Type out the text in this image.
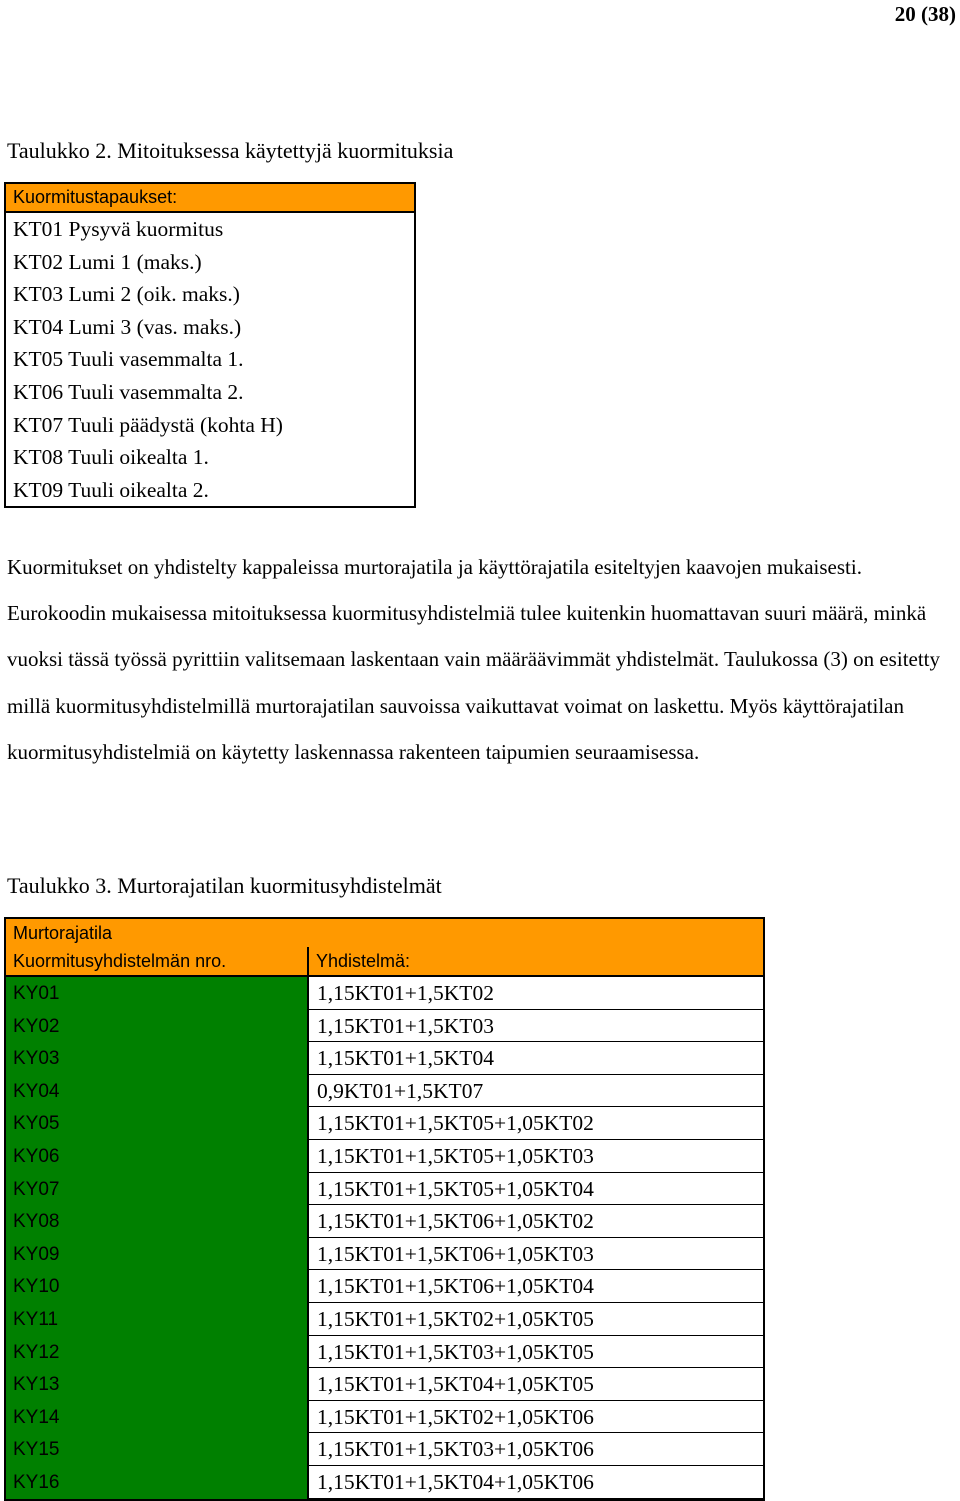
20 (38)
Taulukko 2. Mitoituksessa käytettyjä kuormituksia
Kuormitustapaukset:
KT01 Pysyvä kuormitus
KT02 Lumi 1 (maks.)
KT03 Lumi 2 (oik. maks.)
KT04 Lumi 3 (vas. maks.)
KT05 Tuuli vasemmalta 1.
KT06 Tuuli vasemmalta 2.
KT07 Tuuli päädystä (kohta H)
KT08 Tuuli oikealta 1.
KT09 Tuuli oikealta 2.
Kuormitukset on yhdistelty kappaleissa murtorajatila ja käyttörajatila esiteltyjen kaavojen mukaisesti. Eurokoodin mukaisessa mitoituksessa kuormitusyhdistelmiä tulee kuitenkin huomattavan suuri määrä, minkä vuoksi tässä työssä pyrittiin valitsemaan laskentaan vain määräävimmät yhdistelmät. Taulukossa (3) on esitetty millä kuormitusyhdistelmillä murtorajatilan sauvoissa vaikuttavat voimat on laskettu. Myös käyttörajatilan kuormitusyhdistelmiä on käytetty laskennassa rakenteen taipumien seuraamisessa.
Taulukko 3. Murtorajatilan kuormitusyhdistelmät
Murtorajatila
Kuormitusyhdistelmän nro.	Yhdistelmä:
KY01	1,15KT01+1,5KT02
KY02	1,15KT01+1,5KT03
KY03	1,15KT01+1,5KT04
KY04	0,9KT01+1,5KT07
KY05	1,15KT01+1,5KT05+1,05KT02
KY06	1,15KT01+1,5KT05+1,05KT03
KY07	1,15KT01+1,5KT05+1,05KT04
KY08	1,15KT01+1,5KT06+1,05KT02
KY09	1,15KT01+1,5KT06+1,05KT03
KY10	1,15KT01+1,5KT06+1,05KT04
KY11	1,15KT01+1,5KT02+1,05KT05
KY12	1,15KT01+1,5KT03+1,05KT05
KY13	1,15KT01+1,5KT04+1,05KT05
KY14	1,15KT01+1,5KT02+1,05KT06
KY15	1,15KT01+1,5KT03+1,05KT06
KY16	1,15KT01+1,5KT04+1,05KT06
